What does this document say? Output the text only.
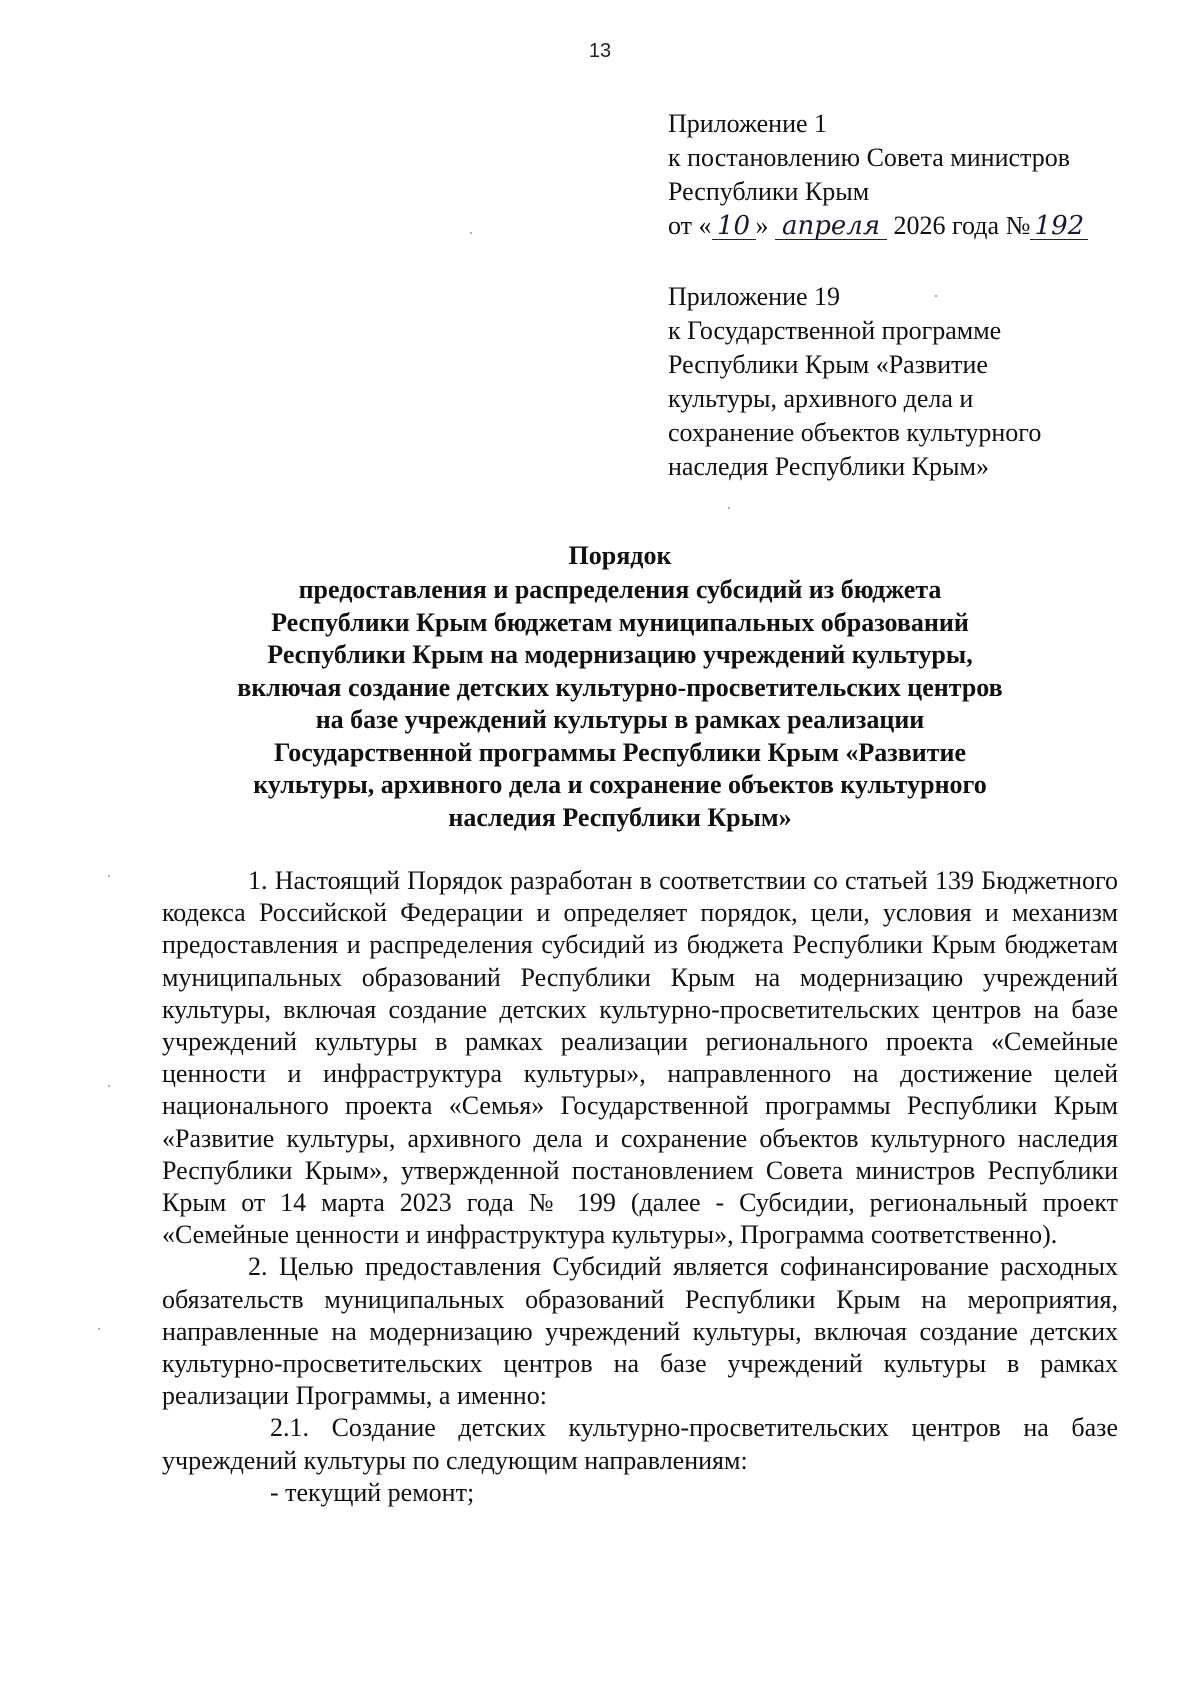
13

Приложение 1

к постановлению Совета министров

Республики Крым

от « 10 » апреля 2026 года № 192

Приложение 19

к Государственной программе

Республики Крым «Развитие

культуры, архивного дела и

сохранение объектов культурного

наследия Республики Крым»

Порядок

предоставления и распределения субсидий из бюджета

Республики Крым бюджетам муниципальных образований

Республики Крым на модернизацию учреждений культуры,

включая создание детских культурно-просветительских центров

на базе учреждений культуры в рамках реализации

Государственной программы Республики Крым «Развитие

культуры, архивного дела и сохранение объектов культурного

наследия Республики Крым»

1. Настоящий Порядок разработан в соответствии со статьей 139 Бюджетного кодекса Российской Федерации и определяет порядок, цели, условия и механизм предоставления и распределения субсидий из бюджета Республики Крым бюджетам муниципальных образований Республики Крым на модернизацию учреждений культуры, включая создание детских культурно-просветительских центров на базе учреждений культуры в рамках реализации регионального проекта «Семейные ценности и инфраструктура культуры», направленного на достижение целей национального проекта «Семья» Государственной программы Республики Крым «Развитие культуры, архивного дела и сохранение объектов культурного наследия Республики Крым», утвержденной постановлением Совета министров Республики Крым от 14 марта 2023 года № 199 (далее - Субсидии, региональный проект «Семейные ценности и инфраструктура культуры», Программа соответственно).

2. Целью предоставления Субсидий является софинансирование расходных обязательств муниципальных образований Республики Крым на мероприятия, направленные на модернизацию учреждений культуры, включая создание детских культурно-просветительских центров на базе учреждений культуры в рамках реализации Программы, а именно:

2.1. Создание детских культурно-просветительских центров на базе учреждений культуры по следующим направлениям:

- текущий ремонт;
